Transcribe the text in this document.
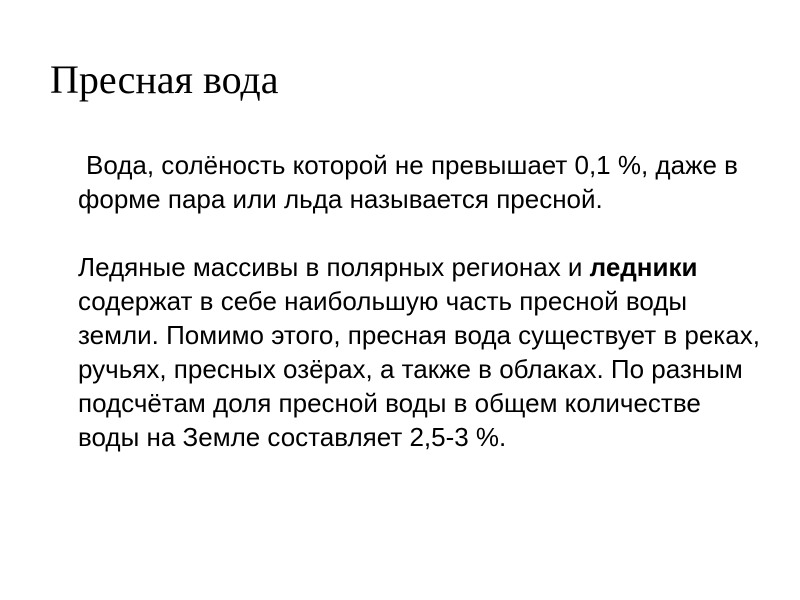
Пресная вода

Вода, солёность которой не превышает 0,1 %, даже в форме пара или льда называется пресной.

Ледяные массивы в полярных регионах и ледники содержат в себе наибольшую часть пресной воды земли. Помимо этого, пресная вода существует в реках, ручьях, пресных озёрах, а также в облаках. По разным подсчётам доля пресной воды в общем количестве воды на Земле составляет 2,5-3 %.
